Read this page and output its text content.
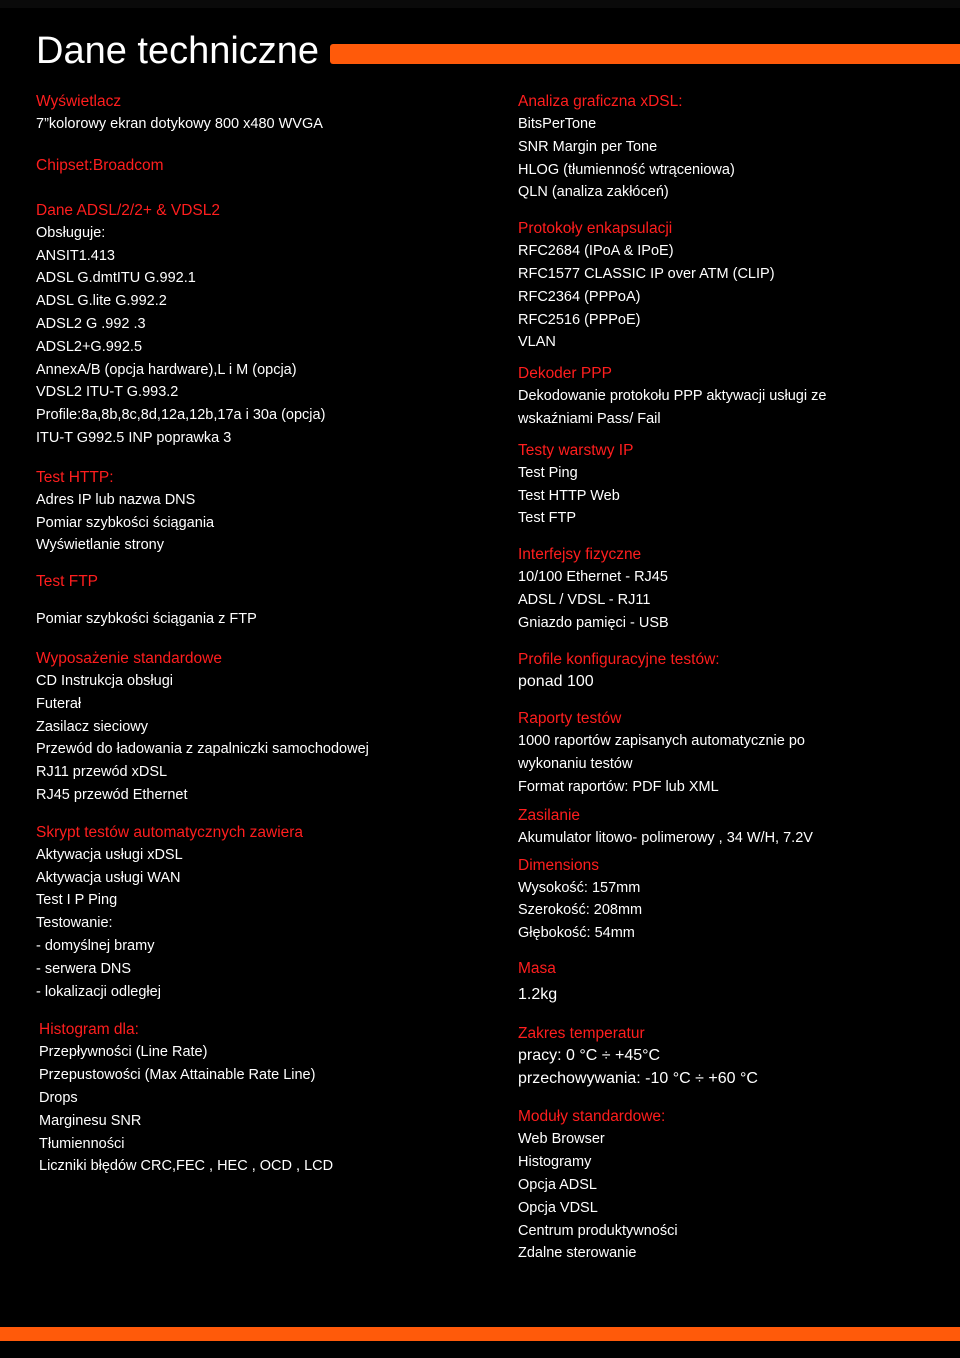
Dane techniczne

Wyświetlacz

7”kolorowy ekran dotykowy 800 x480 WVGA

Chipset:Broadcom

Dane ADSL/2/2+ & VDSL2

Obsługuje:

ANSIT1.413

ADSL G.dmtITU G.992.1

ADSL G.lite G.992.2

ADSL2 G .992 .3

ADSL2+G.992.5

AnnexA/B (opcja hardware),L i M (opcja)

VDSL2 ITU-T G.993.2

Profile:8a,8b,8c,8d,12a,12b,17a i 30a (opcja)

ITU-T G992.5 INP poprawka 3

Test HTTP:

Adres IP lub nazwa DNS

Pomiar szybkości ściągania

Wyświetlanie strony

Test FTP

Pomiar szybkości ściągania z FTP

Wyposażenie standardowe

CD Instrukcja obsługi

Futerał

Zasilacz sieciowy

Przewód do ładowania z zapalniczki samochodowej

RJ11 przewód xDSL

RJ45 przewód Ethernet

Skrypt testów automatycznych zawiera

Aktywacja usługi xDSL

Aktywacja usługi WAN

Test I P Ping

Testowanie:

- domyślnej bramy

- serwera DNS

- lokalizacji odległej

Histogram dla:

Przepływności (Line Rate)

Przepustowości (Max Attainable Rate Line)

Drops

Marginesu SNR

Tłumienności

Liczniki błędów CRC,FEC , HEC , OCD , LCD

Analiza graficzna xDSL:

BitsPerTone

SNR Margin per Tone

HLOG (tłumienność wtrąceniowa)

QLN (analiza zakłóceń)

Protokoły enkapsulacji

RFC2684 (IPoA & IPoE)

RFC1577 CLASSIC IP over ATM (CLIP)

RFC2364 (PPPoA)

RFC2516 (PPPoE)

VLAN

Dekoder PPP

Dekodowanie protokołu PPP aktywacji usługi ze

wskaźniami Pass/ Fail

Testy warstwy IP

Test Ping

Test HTTP Web

Test FTP

Interfejsy fizyczne

10/100 Ethernet - RJ45

ADSL / VDSL - RJ11

Gniazdo pamięci - USB

Profile konfiguracyjne testów:

ponad 100

Raporty testów

1000 raportów zapisanych automatycznie po

wykonaniu testów

Format raportów: PDF lub XML

Zasilanie

Akumulator litowo- polimerowy , 34 W/H, 7.2V

Dimensions

Wysokość: 157mm

Szerokość: 208mm

Głębokość: 54mm

Masa

1.2kg

Zakres temperatur

pracy: 0 °C ÷ +45°C

przechowywania: -10 °C ÷ +60 °C

Moduły standardowe:

Web Browser

Histogramy

Opcja ADSL

Opcja VDSL

Centrum produktywności

Zdalne sterowanie
